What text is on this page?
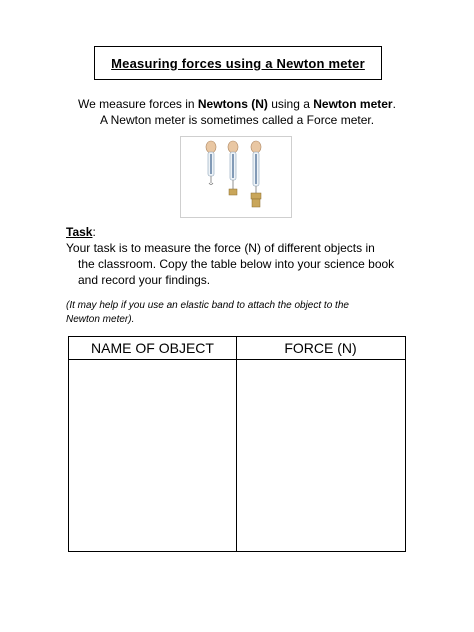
Measuring forces using a Newton meter
We measure forces in Newtons (N) using a Newton meter.
A Newton meter is sometimes called a Force meter.
Task:
Your task is to measure the force (N) of different objects in
the classroom. Copy the table below into your science book
and record your findings.
(It may help if you use an elastic band to attach the object to the
Newton meter).
NAME OF OBJECT	FORCE (N)
